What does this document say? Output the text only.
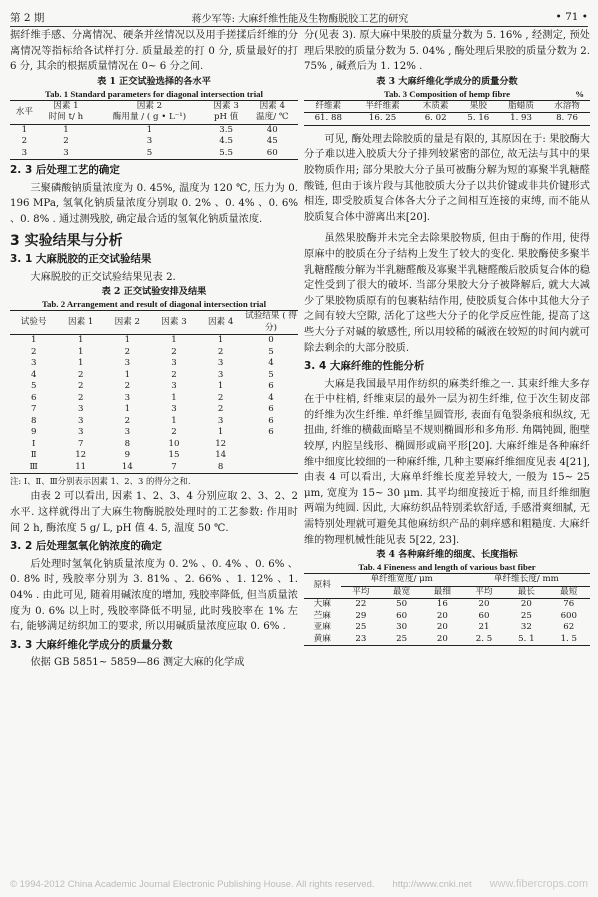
第 2 期	蒋少军等: 大麻纤维性能及生物酶脱胶工艺的研究	• 71 •

据纤维手感、分离情况、硬条并丝情况以及用手搓揉后纤维的分离情况等指标给各试样打分. 质量最差的打 0 分, 质量最好的打 6 分, 其余的根据质量情况在 0~ 6 分之间.

表 1 正交试验选择的各水平
Tab. 1 Standard parameters for diagonal intersection trial
水平	因素 1	因素 2	因素 3	因素 4
	时间 t/ h	酶用量 / ( g • L⁻¹)	pH 值	温度/ ℃
1	1	1	3.5	40
2	2	3	4.5	45
3	3	5	5.5	60
2. 3 后处理工艺的确定

三聚磷酸钠质量浓度为 0. 45%, 温度为 120 ℃, 压力为 0. 196 MPa, 氢氧化钠质量浓度分别取 0. 2% 、0. 4% 、0. 6% 、0. 8% . 通过测残胶, 确定最合适的氢氧化钠质量浓度.

3 实验结果与分析
3. 1 大麻脱胶的正交试验结果

大麻脱胶的正交试验结果见表 2.

表 2 正交试验安排及结果
Tab. 2 Arrangement and result of diagonal intersection trial
试验号	因素 1	因素 2	因素 3	因素 4	试验结果 ( 得分)
1	1	1	1	1	0
2	1	2	2	2	5
3	1	3	3	3	4
4	2	1	2	3	5
5	2	2	3	1	6
6	2	3	1	2	4
7	3	1	3	2	6
8	3	2	1	3	6
9	3	3	2	1	6
Ⅰ	7	8	10	12	
Ⅱ	12	9	15	14	
Ⅲ	11	14	7	8	
注: Ⅰ、Ⅱ、Ⅲ分别表示因素 1、2、3 的得分之和.

由表 2 可以看出, 因素 1、2、3、4 分别应取 2、3、2、2 水平. 这样就得出了大麻生物酶脱胶处理时的工艺参数: 作用时间 2 h, 酶浓度 5 g/ L, pH 值 4. 5, 温度 50 ℃.

3. 2 后处理氢氧化钠浓度的确定

后处理时氢氧化钠质量浓度为 0. 2% 、0. 4% 、0. 6% 、0. 8% 时, 残胶率分别为 3. 81% 、2. 66% 、1. 12% 、1. 04% . 由此可见, 随着用碱浓度的增加, 残胶率降低, 但当质量浓度为 0. 6% 以上时, 残胶率降低不明显, 此时残胶率在 1% 左右, 能够满足纺织加工的要求, 所以用碱质量浓度应取 0. 6% .

3. 3 大麻纤维化学成分的质量分数

依据 GB 5851~ 5859—86 测定大麻的化学成

分(见表 3). 原大麻中果胶的质量分数为 5. 16% , 经测定, 预处理后果胶的质量分数为 5. 04% , 酶处理后果胶的质量分数为 2. 75% , 碱煮后为 1. 12% .

表 3 大麻纤维化学成分的质量分数
Tab. 3 Composition of hemp fibre	%
纤维素	半纤维素	木质素	果胶	脂蜡质	水溶物
61. 88	16. 25	6. 02	5. 16	1. 93	8. 76

可见, 酶处理去除胶质的量是有限的, 其原因在于: 果胶酶大分子难以进入胶质大分子排列较紧密的部位, 故无法与其中的果胶物质作用; 部分果胶大分子虽可被酶分解为短的寡聚半乳糖醛酸链, 但由于该片段与其他胶质大分子以共价键或非共价键形式相连, 即受胶质复合体各大分子之间相互连接的束缚, 而不能从胶质复合体中游离出来[20].

虽然果胶酶并未完全去除果胶物质, 但由于酶的作用, 使得原麻中的胶质在分子结构上发生了较大的变化. 果胶酶使多聚半乳糖醛酸分解为半乳糖醛酸及寡聚半乳糖醛酸后胶质复合体的稳定性受到了很大的破坏. 当部分果胶大分子被降解后, 就大大减少了果胶物质原有的包裹粘结作用, 使胶质复合体中其他大分子之间有较大空隙, 活化了这些大分子的化学反应性能, 提高了这些大分子对碱的敏感性, 所以用较稀的碱液在较短的时间内就可除去剩余的大部分胶质.

3. 4 大麻纤维的性能分析

大麻是我国最早用作纺织的麻类纤维之一. 其束纤维大多存在于中柱梢, 纤维束层的最外一层为初生纤维, 位于次生韧皮部的纤维为次生纤维. 单纤维呈圆管形, 表面有龟裂条痕和纵纹, 无扭曲, 纤维的横截面略呈不规则椭圆形和多角形. 角隅钝圆, 胞壁较厚, 内腔呈线形、椭圆形或扁平形[20]. 大麻纤维是各种麻纤维中细度比较细的一种麻纤维, 几种主要麻纤维细度见表 4[21], 由表 4 可以看出, 大麻单纤维长度差异较大, 一般为 15~ 25 μm, 宽度为 15~ 30 μm. 其平均细度接近于棉, 而且纤维细胞两端为纯圆. 因此, 大麻纺织品特别柔软舒适, 手感滑爽细腻, 无需特别处理就可避免其他麻纺织产品的刺痒感和粗糙度. 大麻纤维的物理机械性能见表 5[22, 23].

表 4 各种麻纤维的细度、长度指标
Tab. 4 Fineness and length of various bast fiber
原料	单纤维宽度/ μm			单纤维长度/ mm		
	平均	最宽	最细	平均	最长	最短
大麻	22	50	16	20	20	76
苎麻	29	60	20	60	25	600
亚麻	25	30	20	21	32	62
黄麻	23	25	20	2. 5	5. 1	1. 5
© 1994-2012 China Academic Journal Electronic Publishing House. All rights reserved. http://www.cnki.net www.fibercrops.com
